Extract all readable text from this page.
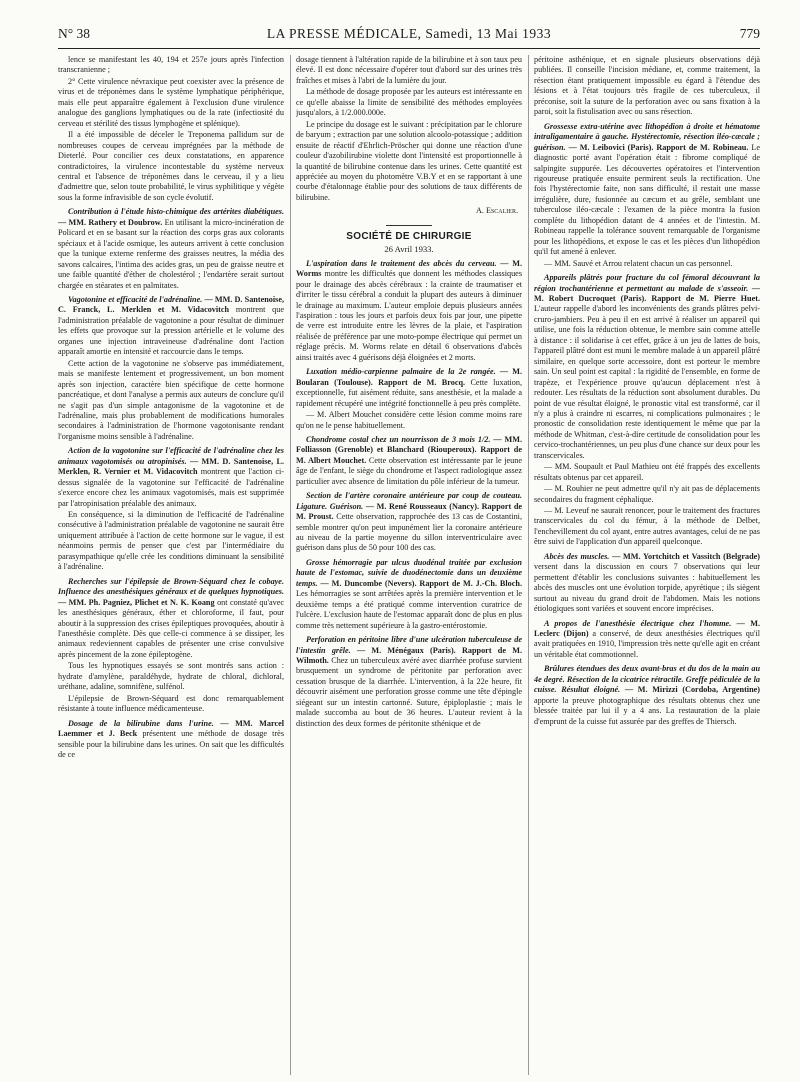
N° 38	LA PRESSE MÉDICALE, Samedi, 13 Mai 1933	779

lence se manifestant les 40, 194 et 257e jours après l'infection transcranienne ;

2° Cette virulence névraxique peut coexister avec la présence de virus et de tréponèmes dans le système lymphatique périphérique, mais elle peut apparaître également à l'exclusion d'une virulence analogue des ganglions lymphatiques ou de la rate (infectiosité du cerveau et stérilité des tissus lymphogène et splénique).

Il a été impossible de déceler le Treponema pallidum sur de nombreuses coupes de cerveau imprégnées par la méthode de Dieterlé. Pour concilier ces deux constatations, en apparence contradictoires, la virulence incontestable du système nerveux central et l'absence de tréponèmes dans le cerveau, il y a lieu d'admettre que, selon toute probabilité, le virus syphilitique y végète sous la forme infravisible de son cycle évolutif.

Contribution à l'étude histo-chimique des artérites diabétiques. — MM. Rathery et Doubrow. En utilisant la micro-incinération de Policard et en se basant sur la réaction des corps gras aux colorants spéciaux et à l'acide osmique, les auteurs arrivent à cette conclusion que la tunique externe renferme des graisses neutres, la média des savons calcaires, l'intima des acides gras, un peu de graisse neutre et une faible quantité d'éther de cholestérol ; l'endartère serait surtout chargée en stéarates et en palmitates.

Vagotonine et efficacité de l'adrénaline. — MM. D. Santenoise, C. Franck, L. Merklen et M. Vidacovitch montrent que l'administration préalable de vagotonine a pour résultat de diminuer les effets que provoque sur la pression artérielle et le volume des organes une injection intraveineuse d'adrénaline dont l'action apparaît amortie en intensité et raccourcie dans le temps.

Cette action de la vagotonine ne s'observe pas immédiatement, mais se manifeste lentement et progressivement, un bon moment après son injection, caractère bien spécifique de cette hormone pancréatique, et dont l'analyse a permis aux auteurs de conclure qu'il ne s'agit pas d'un simple antagonisme de la vagotonine et de l'adrénaline, mais plus probablement de modifications humorales secondaires à l'administration de l'hormone vagotonisante rendant l'organisme moins sensible à l'adrénaline.

Action de la vagotonine sur l'efficacité de l'adrénaline chez les animaux vagotomisés ou atropinisés. — MM. D. Santenoise, L. Merklen, R. Vernier et M. Vidacovitch montrent que l'action ci-dessus signalée de la vagotonine sur l'efficacité de l'adrénaline s'exerce encore chez les animaux vagotomisés, mais est supprimée par l'atropinisation préalable des animaux.

En conséquence, si la diminution de l'efficacité de l'adrénaline consécutive à l'administration préalable de vagotonine ne saurait être uniquement attribuée à l'action de cette hormone sur le vague, il est néanmoins permis de penser que c'est par l'intermédiaire du parasympathique qu'elle crée les conditions diminuant la sensibilité à l'adrénaline.

Recherches sur l'épilepsie de Brown-Séquard chez le cobaye. Influence des anesthésiques généraux et de quelques hypnotiques. — MM. Ph. Pagniez, Plichet et N. K. Koang ont constaté qu'avec les anesthésiques généraux, éther et chloroforme, il faut, pour aboutir à la suppression des crises épileptiques provoquées, aboutir à l'anesthésie complète. Dès que celle-ci commence à se dissiper, les animaux redeviennent capables de présenter une crise convulsive après pincement de la zone épileptogène.

Tous les hypnotiques essayés se sont montrés sans action : hydrate d'amylène, paraldéhyde, hydrate de chloral, dichloral, uréthane, adaline, somnifène, sulfénol.

L'épilepsie de Brown-Séquard est donc remarquablement résistante à toute influence médicamenteuse.

Dosage de la bilirubine dans l'urine. — MM. Marcel Laemmer et J. Beck présentent une méthode de dosage très sensible pour la bilirubine dans les urines. On sait que les difficultés de ce

dosage tiennent à l'altération rapide de la bilirubine et à son taux peu élevé. Il est donc nécessaire d'opérer tout d'abord sur des urines très fraîches et mises à l'abri de la lumière du jour.

La méthode de dosage proposée par les auteurs est intéressante en ce qu'elle abaisse la limite de sensibilité des méthodes employées jusqu'alors, à 1/2.000.000e.

Le principe du dosage est le suivant : précipitation par le chlorure de baryum ; extraction par une solution alcoolo-potassique ; addition ensuite de réactif d'Ehrlich-Pröscher qui donne une réaction d'une couleur d'azobilirubine violette dont l'intensité est proportionnelle à la quantité de bilirubine contenue dans les urines. Cette quantité est appréciée au moyen du photomètre V.B.Y et en se rapportant à une courbe d'étalonnage établie pour des solutions de taux différents de bilirubine.

A. Escalier.

SOCIÉTÉ DE CHIRURGIE

26 Avril 1933.

L'aspiration dans le traitement des abcès du cerveau. — M. Worms montre les difficultés que donnent les méthodes classiques pour le drainage des abcès cérébraux : la crainte de traumatiser et d'irriter le tissu cérébral a conduit la plupart des auteurs à diminuer le drainage au maximum. L'auteur emploie depuis plusieurs années l'aspiration : tous les jours et parfois deux fois par jour, une pipette de verre est introduite entre les lèvres de la plaie, et l'aspiration réalisée de préférence par une moto-pompe électrique qui permet un réglage précis. M. Worms relate en détail 6 observations d'abcès ainsi traités avec 4 guérisons déjà éloignées et 2 morts.

Luxation médio-carpienne palmaire de la 2e rangée. — M. Boularan (Toulouse). Rapport de M. Brocq. Cette luxation, exceptionnelle, fut aisément réduite, sans anesthésie, et la malade a rapidement récupéré une intégrité fonctionnelle à peu près complète.

— M. Albert Mouchet considère cette lésion comme moins rare qu'on ne le pense habituellement.

Chondrome costal chez un nourrisson de 3 mois 1/2. — MM. Folliasson (Grenoble) et Blanchard (Riouperoux). Rapport de M. Albert Mouchet. Cette observation est intéressante par le jeune âge de l'enfant, le siège du chondrome et l'aspect radiologique assez particulier avec absence de limitation du pôle inférieur de la tumeur.

Section de l'artère coronaire antérieure par coup de couteau. Ligature. Guérison. — M. René Rousseaux (Nancy). Rapport de M. Proust. Cette observation, rapprochée des 13 cas de Costantini, semble montrer qu'on peut impunément lier la coronaire antérieure au niveau de la partie moyenne du sillon interventriculaire avec guérison dans plus de 50 pour 100 des cas.

Grosse hémorragie par ulcus duodénal traitée par exclusion haute de l'estomac, suivie de duodénectomie dans un deuxième temps. — M. Duncombe (Nevers). Rapport de M. J.-Ch. Bloch. Les hémorragies se sont arrêtées après la première intervention et le deuxième temps a été pratiqué comme intervention curatrice de l'ulcère. L'exclusion haute de l'estomac apparaît donc de plus en plus comme très nettement supérieure à la gastro-entérostomie.

Perforation en péritoine libre d'une ulcération tuberculeuse de l'intestin grêle. — M. Ménégaux (Paris). Rapport de M. Wilmoth. Chez un tuberculeux avéré avec diarrhée profuse survient brusquement un syndrome de péritonite par perforation avec cessation brusque de la diarrhée. L'intervention, à la 22e heure, fit découvrir aisément une perforation grosse comme une tête d'épingle siégeant sur un intestin cartonné. Suture, épiploplastie ; mais le malade succomba au bout de 36 heures. L'auteur revient à la distinction des deux formes de péritonite sthénique et de

péritoine asthénique, et en signale plusieurs observations déjà publiées. Il conseille l'incision médiane, et, comme traitement, la résection étant pratiquement impossible eu égard à l'étendue des lésions et à l'état toujours très fragile de ces tuberculeux, il préconise, soit la suture de la perforation avec ou sans fixation à la paroi, soit la fistulisation avec ou sans résection.

Grossesse extra-utérine avec lithopédion à droite et hématome intraligamentaire à gauche. Hystérectomie, résection iléo-cæcale ; guérison. — M. Leibovici (Paris). Rapport de M. Robineau. Le diagnostic porté avant l'opération était : fibrome compliqué de salpingite suppurée. Les découvertes opératoires et l'intervention rigoureuse pratiquée ensuite permirent seuls la rectification. Une fois l'hystérectomie faite, non sans difficulté, il restait une masse irrégulière, dure, fusionnée au cæcum et au grêle, semblant une tuberculose iléo-cæcale : l'examen de la pièce montra la fusion complète du lithopédion datant de 4 années et de l'intestin. M. Robineau rappelle la tolérance souvent remarquable de l'organisme pour les lithopédions, et expose le cas et les pièces d'un lithopédion qu'il fut amené à enlever.

— MM. Sauvé et Arrou relatent chacun un cas personnel.

Appareils plâtrés pour fracture du col fémoral découvrant la région trochantérienne et permettant au malade de s'asseoir. — M. Robert Ducroquet (Paris). Rapport de M. Pierre Huet. L'auteur rappelle d'abord les inconvénients des grands plâtres pelvi-cruro-jambiers. Peu à peu il en est arrivé à réaliser un appareil qui utilise, une fois la réduction obtenue, le membre sain comme attelle à distance : il solidarise à cet effet, grâce à un jeu de lattes de bois, l'appareil plâtré dont est muni le membre malade à un appareil plâtré similaire, en quelque sorte accessoire, dont est porteur le membre sain. Un seul point est capital : la rigidité de l'ensemble, en forme de trapèze, et l'expérience prouve qu'aucun déplacement n'est à redouter. Les résultats de la réduction sont absolument durables. Du point de vue résultat éloigné, le pronostic vital est transformé, car il n'y a plus à craindre ni escarres, ni complications pulmonaires ; le pronostic de consolidation reste identiquement le même que par la méthode de Whitman, c'est-à-dire certitude de consolidation pour les cervico-trochantériennes, un peu plus d'une chance sur deux pour les transcervicales.

— MM. Soupault et Paul Mathieu ont été frappés des excellents résultats obtenus par cet appareil.

— M. Rouhier ne peut admettre qu'il n'y ait pas de déplacements secondaires du fragment céphalique.

— M. Leveuf ne saurait renoncer, pour le traitement des fractures transcervicales du col du fémur, à la méthode de Delbet, l'enchevillement du col ayant, entre autres avantages, celui de ne pas être suivi de l'application d'un appareil quelconque.

Abcès des muscles. — MM. Yortchitch et Vassitch (Belgrade) versent dans la discussion en cours 7 observations qui leur permettent d'établir les conclusions suivantes : habituellement les abcès des muscles ont une évolution torpide, apyrétique ; ils siègent surtout au niveau du grand droit de l'abdomen. Mais les notions étiologiques sont variées et souvent encore imprécises.

A propos de l'anesthésie électrique chez l'homme. — M. Leclerc (Dijon) a conservé, de deux anesthésies électriques qu'il avait pratiquées en 1910, l'impression très nette qu'elle agit en créant un véritable état commotionnel.

Brûlures étendues des deux avant-bras et du dos de la main au 4e degré. Résection de la cicatrice rétractile. Greffe pédiculée de la cuisse. Résultat éloigné. — M. Mirizzi (Cordoba, Argentine) apporte la preuve photographique des résultats obtenus chez une blessée traitée par lui il y a 4 ans. La restauration de la plaie d'emprunt de la cuisse fut assurée par des greffes de Thiersch.
